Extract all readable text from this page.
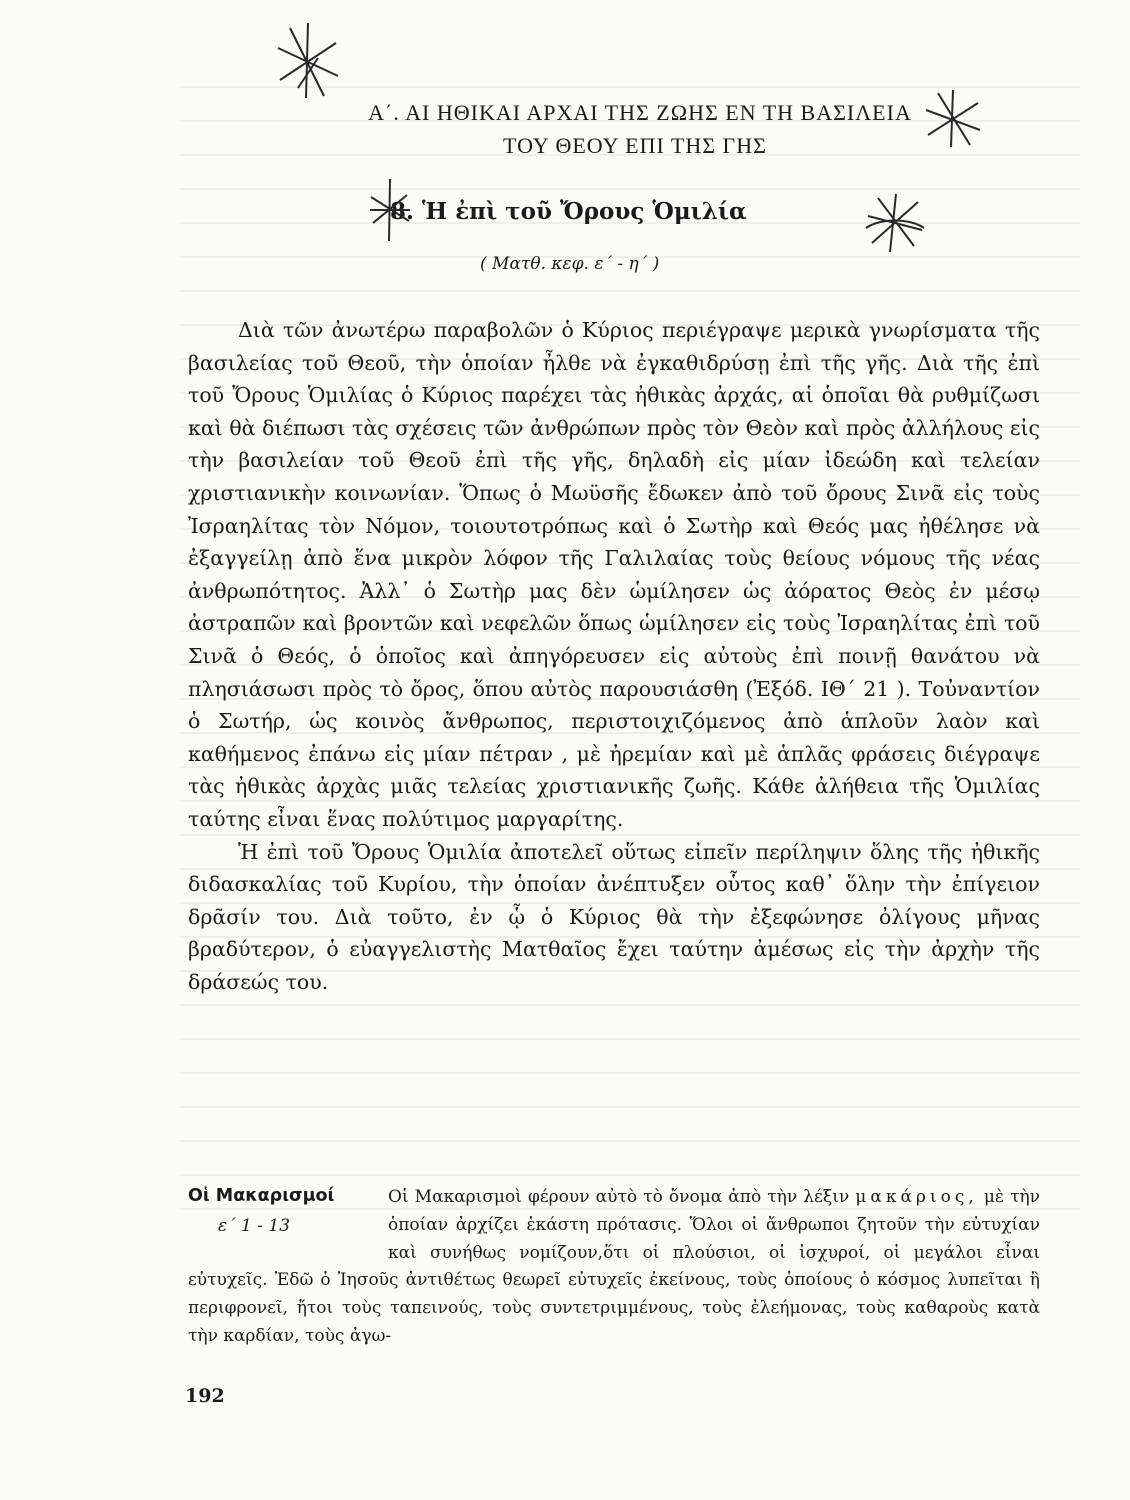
Α΄. ΑΙ ΗΘΙΚΑΙ ΑΡΧΑΙ ΤΗΣ ΖΩΗΣ ΕΝ ΤΗ ΒΑΣΙΛΕΙΑ
ΤΟΥ ΘΕΟΥ ΕΠΙ ΤΗΣ ΓΗΣ
8. Ἡ ἐπὶ τοῦ Ὄρους Ὁμιλία
( Ματθ. κεφ. ε΄ - η΄ )

Διὰ τῶν ἀνωτέρω παραβολῶν ὁ Κύριος περιέγραψε μερικὰ γνωρίσματα τῆς βασιλείας τοῦ Θεοῦ, τὴν ὁποίαν ἦλθε νὰ ἐγκαθιδρύσῃ ἐπὶ τῆς γῆς. Διὰ τῆς ἐπὶ τοῦ Ὄρους Ὁμιλίας ὁ Κύριος παρέχει τὰς ἠθικὰς ἀρχάς, αἱ ὁποῖαι θὰ ρυθμίζωσι καὶ θὰ διέπωσι τὰς σχέσεις τῶν ἀνθρώπων πρὸς τὸν Θεὸν καὶ πρὸς ἀλλήλους εἰς τὴν βασιλείαν τοῦ Θεοῦ ἐπὶ τῆς γῆς, δηλαδὴ εἰς μίαν ἰδεώδη καὶ τελείαν χριστιανικὴν κοινωνίαν. Ὅπως ὁ Μωϋσῆς ἔδωκεν ἀπὸ τοῦ ὄρους Σινᾶ εἰς τοὺς Ἰσραηλίτας τὸν Νόμον, τοιουτοτρόπως καὶ ὁ Σωτὴρ καὶ Θεός μας ἠθέλησε νὰ ἐξαγγείλῃ ἀπὸ ἕνα μικρὸν λόφον τῆς Γαλιλαίας τοὺς θείους νόμους τῆς νέας ἀνθρωπότητος. Ἀλλ᾽ ὁ Σωτὴρ μας δὲν ὡμίλησεν ὡς ἀόρατος Θεὸς ἐν μέσῳ ἀστραπῶν καὶ βροντῶν καὶ νεφελῶν ὅπως ὡμίλησεν εἰς τοὺς Ἰσραηλίτας ἐπὶ τοῦ Σινᾶ ὁ Θεός, ὁ ὁποῖος καὶ ἀπηγόρευσεν εἰς αὐτοὺς ἐπὶ ποινῇ θανάτου νὰ πλησιάσωσι πρὸς τὸ ὄρος, ὅπου αὐτὸς παρουσιάσθη (Ἐξόδ. ΙΘ΄ 21 ). Τοὐναντίον ὁ Σωτήρ, ὡς κοινὸς ἄνθρωπος, περιστοιχιζόμενος ἀπὸ ἁπλοῦν λαὸν καὶ καθήμενος ἐπάνω εἰς μίαν πέτραν , μὲ ἠρεμίαν καὶ μὲ ἁπλᾶς φράσεις διέγραψε τὰς ἠθικὰς ἀρχὰς μιᾶς τελείας χριστιανικῆς ζωῆς. Κάθε ἀλήθεια τῆς Ὁμιλίας ταύτης εἶναι ἕνας πολύτιμος μαργαρίτης.

Ἡ ἐπὶ τοῦ Ὄρους Ὁμιλία ἀποτελεῖ οὕτως εἰπεῖν περίληψιν ὅλης τῆς ἠθικῆς διδασκαλίας τοῦ Κυρίου, τὴν ὁποίαν ἀνέπτυξεν οὗτος καθ᾽ ὅλην τὴν ἐπίγειον δρᾶσίν του. Διὰ τοῦτο, ἐν ᾧ ὁ Κύριος θὰ τὴν ἐξεφώνησε ὀλίγους μῆνας βραδύτερον, ὁ εὐαγγελιστὴς Ματθαῖος ἔχει ταύτην ἀμέσως εἰς τὴν ἀρχὴν τῆς δράσεώς του.

Οἱ Μακαρισμοὶ φέρουν αὐτὸ τὸ ὄνομα ἀπὸ τὴν λέξιν μακάριος, μὲ τὴν ὁποίαν ἀρχίζει ἑκάστη πρότασις. Ὅλοι οἱ ἄνθρωποι ζητοῦν τὴν εὐτυχίαν καὶ συνήθως νομίζουν,ὅτι οἱ πλούσιοι, οἱ ἰσχυροί, οἱ μεγάλοι εἶναι εὐτυχεῖς. Ἐδῶ ὁ Ἰησοῦς ἀντιθέτως θεωρεῖ εὐτυχεῖς ἐκείνους, τοὺς ὁποίους ὁ κόσμος λυπεῖται ἢ περιφρονεῖ, ἤτοι τοὺς ταπεινούς, τοὺς συντετριμμένους, τοὺς ἐλεήμονας, τοὺς καθαροὺς κατὰ τὴν καρδίαν, τοὺς ἀγω-
Οἱ Μακαρισμοί
ε΄ 1 - 13
192
